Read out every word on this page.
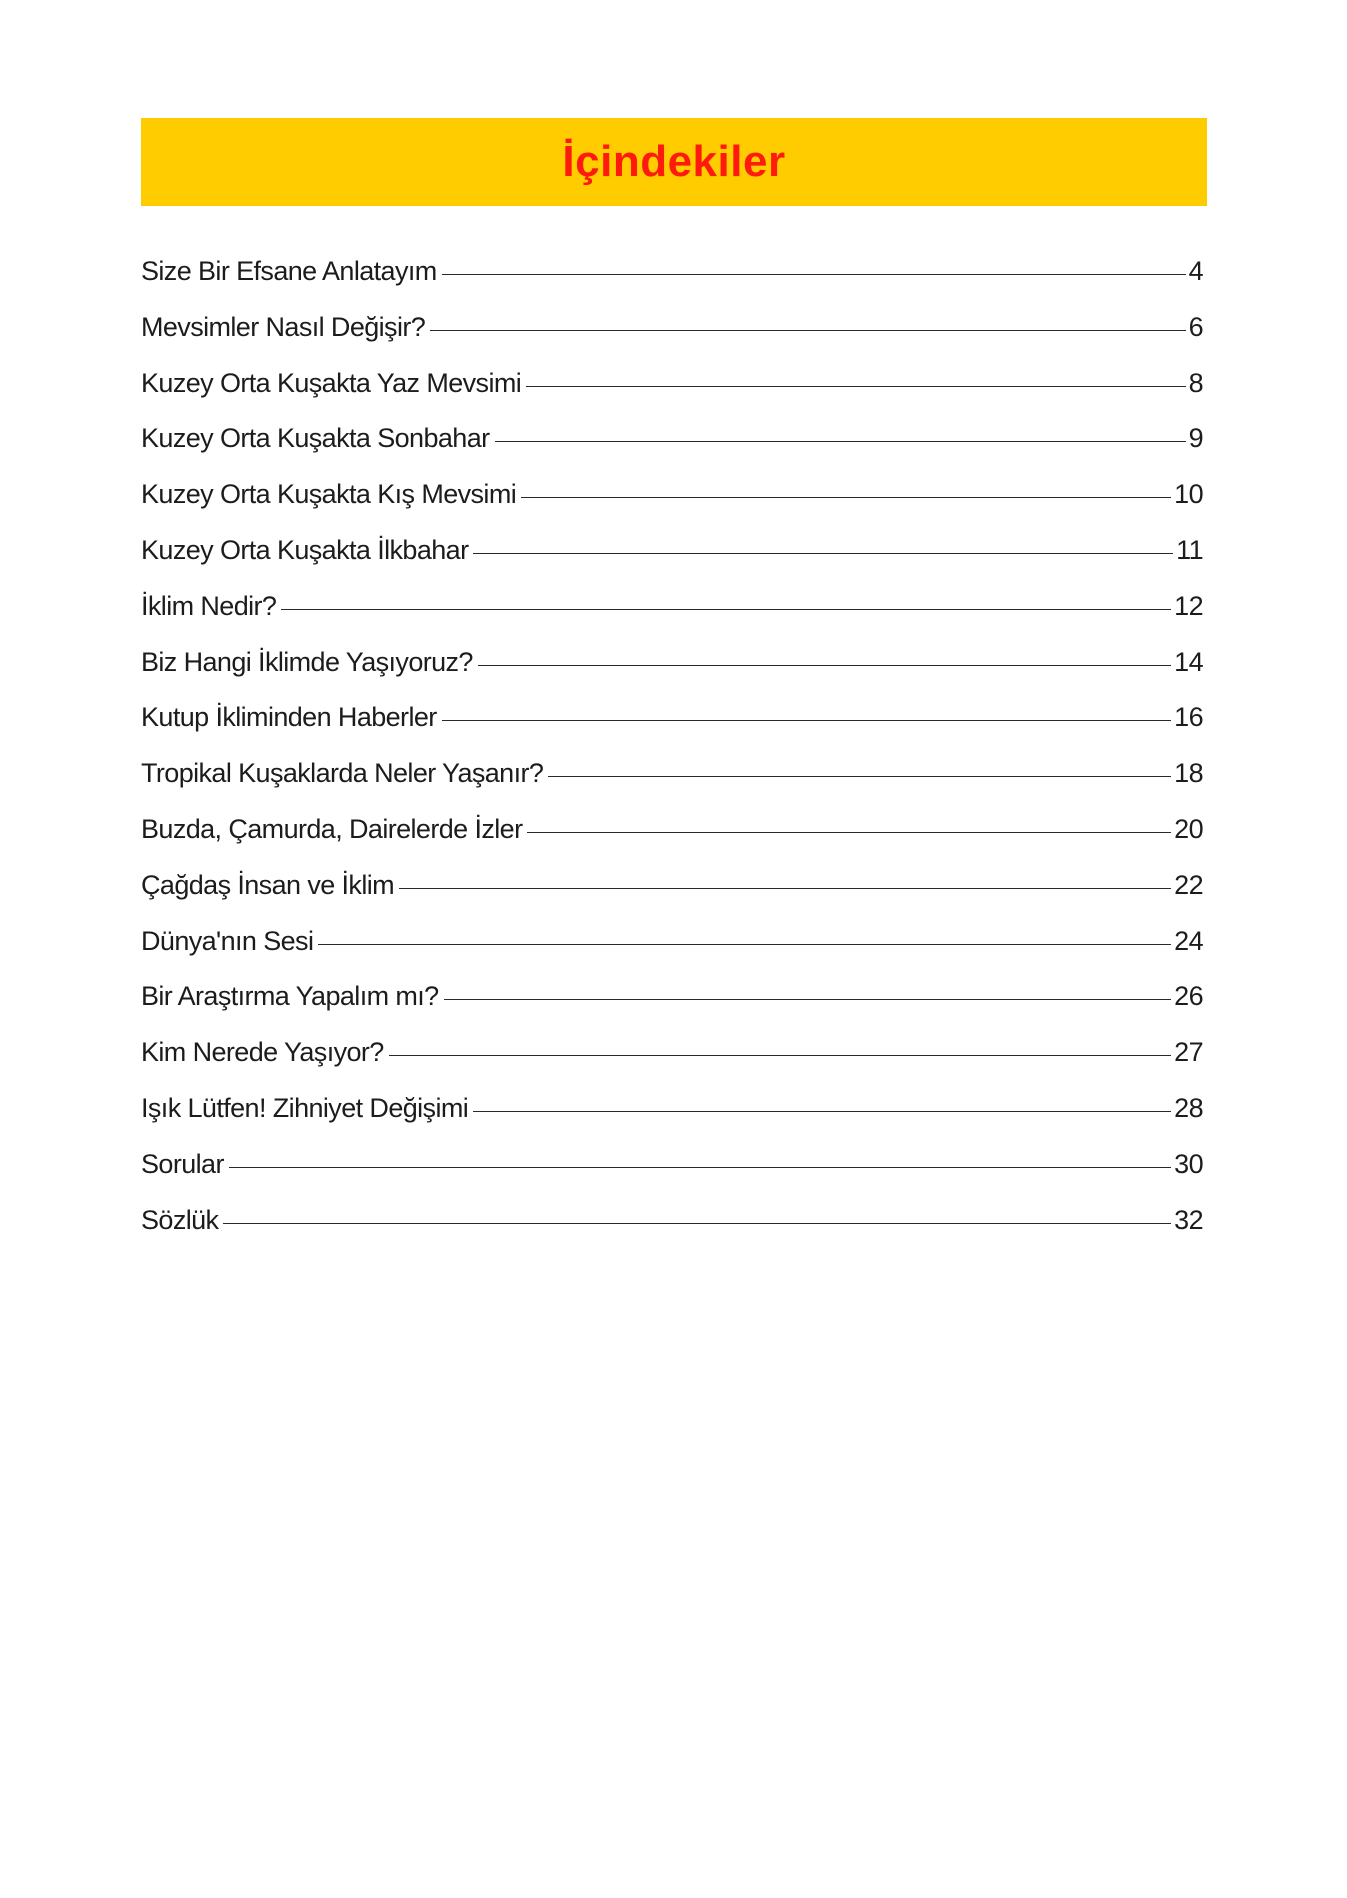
İçindekiler
Size Bir Efsane Anlatayım	4
Mevsimler Nasıl Değişir?	6
Kuzey Orta Kuşakta Yaz Mevsimi	8
Kuzey Orta Kuşakta Sonbahar	9
Kuzey Orta Kuşakta Kış Mevsimi	10
Kuzey Orta Kuşakta İlkbahar	11
İklim Nedir?	12
Biz Hangi İklimde Yaşıyoruz?	14
Kutup İkliminden Haberler	16
Tropikal Kuşaklarda Neler Yaşanır?	18
Buzda, Çamurda, Dairelerde İzler	20
Çağdaş İnsan ve İklim	22
Dünya'nın Sesi	24
Bir Araştırma Yapalım mı?	26
Kim Nerede Yaşıyor?	27
Işık Lütfen! Zihniyet Değişimi	28
Sorular	30
Sözlük	32
